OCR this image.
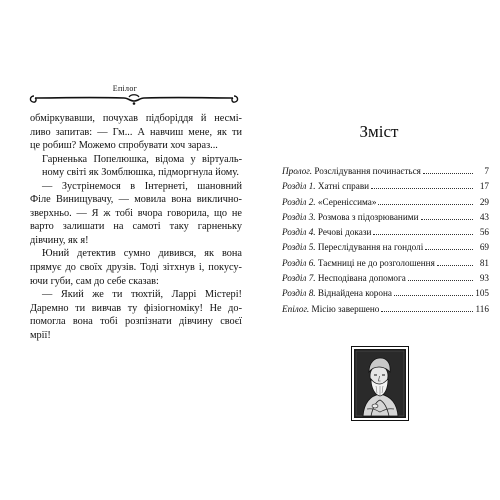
Епілог

обміркувавши, почухав підборіддя й несмі-
ливо запитав: — Гм... А навчиш мене, як ти
це робиш? Можемо спробувати хоч зараз...

Гарненька Попелюшка, відома у віртуаль-
ному світі як Зомблюшка, підморгнула йому.

— Зустрінемося в Інтернеті, шановний
Філе Винищувачу, — мовила вона виклично-
зверхньо. — Я ж тобі вчора говорила, що не
варто залишати на самоті таку гарненьку
дівчину, як я!

Юний детектив сумно дивився, як вона
прямує до своїх друзів. Тоді зітхнув і, покусу-
ючи губи, сам до себе сказав:

— Який же ти тюхтій, Ларрі Містері!
Даремно ти вивчав ту фізіогноміку! Не до-
помогла вона тобі розпізнати дівчину своєї
мрії!

Зміст
Пролог. Розслідування починається	7
Розділ 1. Хатні справи	17
Розділ 2. «Сереніссима»	29
Розділ 3. Розмова з підозрюваними	43
Розділ 4. Речові докази	56
Розділ 5. Переслідування на гондолі	69
Розділ 6. Таємниці не до розголошення	81
Розділ 7. Несподівана допомога	93
Розділ 8. Віднайдена корона	105
Епілог. Місію завершено	116
